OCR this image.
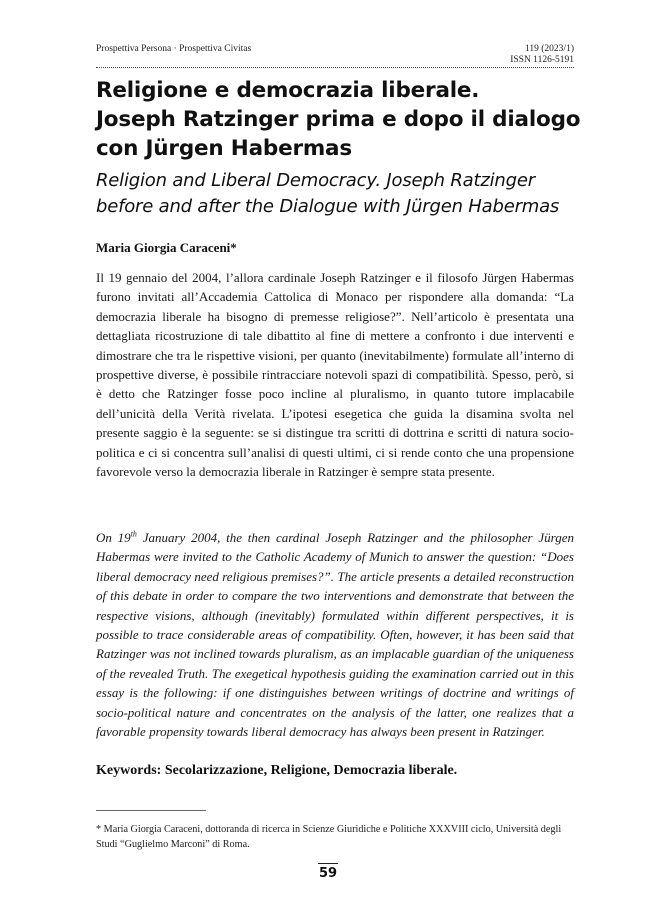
Prospettiva Persona · Prospettiva Civitas	119 (2023/1)
ISSN 1126-5191
Religione e democrazia liberale.
Joseph Ratzinger prima e dopo il dialogo
con Jürgen Habermas
Religion and Liberal Democracy. Joseph Ratzinger
before and after the Dialogue with Jürgen Habermas
Maria Giorgia Caraceni*
Il 19 gennaio del 2004, l’allora cardinale Joseph Ratzinger e il filosofo Jürgen Habermas furono invitati all’Accademia Cattolica di Monaco per rispondere alla domanda: “La democrazia liberale ha bisogno di premesse religiose?”. Nell’articolo è presentata una dettagliata ricostruzione di tale dibattito al fine di mettere a confronto i due interventi e dimostrare che tra le rispettive visioni, per quanto (inevitabilmente) formulate all’interno di prospettive diverse, è possibile rintracciare notevoli spazi di compatibilità. Spesso, però, si è detto che Ratzinger fosse poco incline al pluralismo, in quanto tutore implacabile dell’unicità della Verità rivelata. L’ipotesi esegetica che guida la disamina svolta nel presente saggio è la seguente: se si distingue tra scritti di dottrina e scritti di natura socio-politica e ci si concentra sull’analisi di questi ultimi, ci si rende conto che una propensione favorevole verso la democrazia liberale in Ratzinger è sempre stata presente.
On 19th January 2004, the then cardinal Joseph Ratzinger and the philosopher Jürgen Habermas were invited to the Catholic Academy of Munich to answer the question: “Does liberal democracy need religious premises?”. The article presents a detailed reconstruction of this debate in order to compare the two interventions and demonstrate that between the respective visions, although (inevitably) formulated within different perspectives, it is possible to trace considerable areas of compatibility. Often, however, it has been said that Ratzinger was not inclined towards pluralism, as an implacable guardian of the uniqueness of the revealed Truth. The exegetical hypothesis guiding the examination carried out in this essay is the following: if one distinguishes between writings of doctrine and writings of socio-political nature and concentrates on the analysis of the latter, one realizes that a favorable propensity towards liberal democracy has always been present in Ratzinger.
Keywords: Secolarizzazione, Religione, Democrazia liberale.
* Maria Giorgia Caraceni, dottoranda di ricerca in Scienze Giuridiche e Politiche XXXVIII ciclo, Università degli Studi “Guglielmo Marconi” di Roma.
59
